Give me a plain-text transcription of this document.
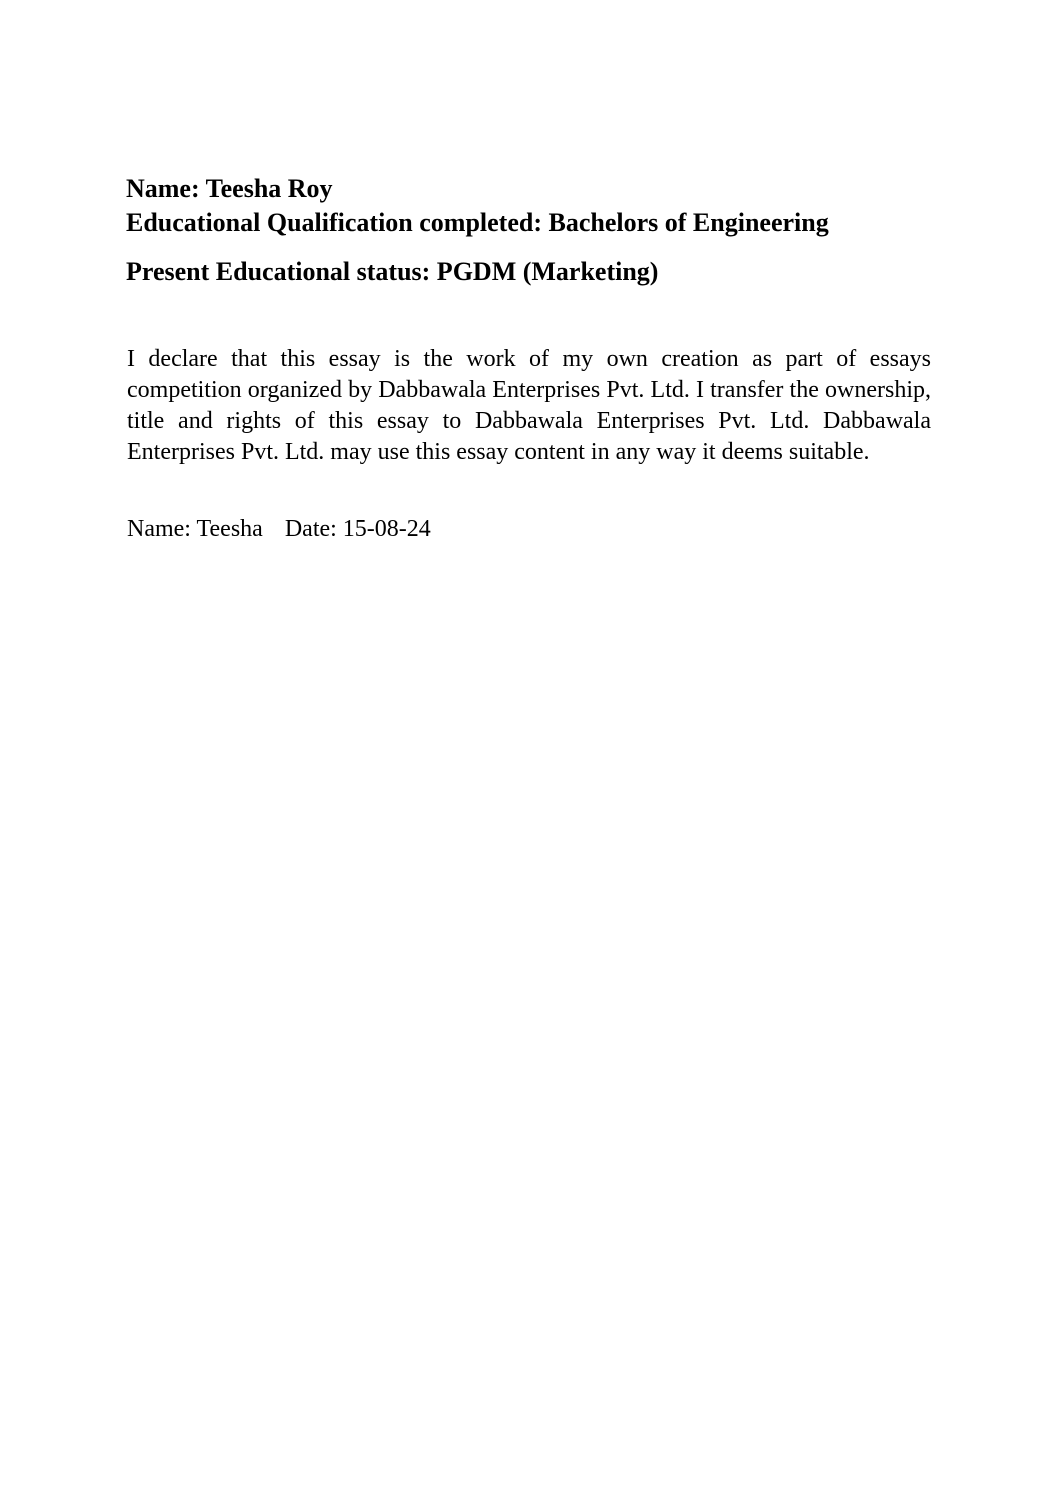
Name: Teesha Roy

Educational Qualification completed: Bachelors of Engineering

Present Educational status: PGDM (Marketing)

I declare that this essay is the work of my own creation as part of essays competition organized by Dabbawala Enterprises Pvt. Ltd. I transfer the ownership, title and rights of this essay to Dabbawala Enterprises Pvt. Ltd. Dabbawala Enterprises Pvt. Ltd. may use this essay content in any way it deems suitable.

Name: Teesha Date: 15-08-24
